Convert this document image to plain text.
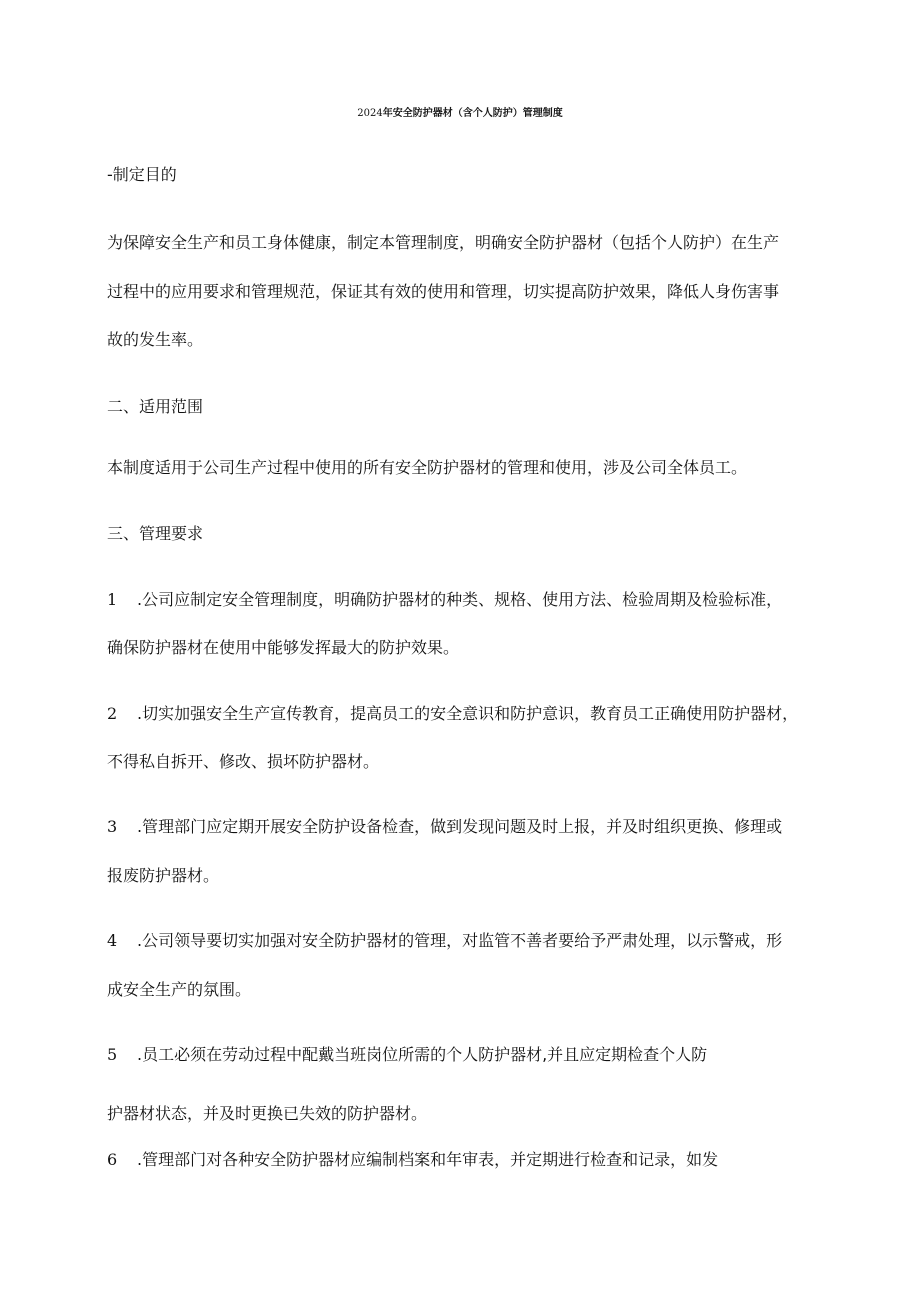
2024年安全防护器材（含个人防护）管理制度
-制定目的
为保障安全生产和员工身体健康，制定本管理制度，明确安全防护器材（包括个人防护）在生产
过程中的应用要求和管理规范，保证其有效的使用和管理，切实提高防护效果，降低人身伤害事
故的发生率。
二、适用范围
本制度适用于公司生产过程中使用的所有安全防护器材的管理和使用，涉及公司全体员工。
三、管理要求
1 .公司应制定安全管理制度，明确防护器材的种类、规格、使用方法、检验周期及检验标准，
确保防护器材在使用中能够发挥最大的防护效果。
2 .切实加强安全生产宣传教育，提高员工的安全意识和防护意识，教育员工正确使用防护器材，
不得私自拆开、修改、损坏防护器材。
3 .管理部门应定期开展安全防护设备检查，做到发现问题及时上报，并及时组织更换、修理或
报废防护器材。
4 .公司领导要切实加强对安全防护器材的管理，对监管不善者要给予严肃处理，以示警戒，形
成安全生产的氛围。
5 .员工必须在劳动过程中配戴当班岗位所需的个人防护器材,并且应定期检查个人防
护器材状态，并及时更换已失效的防护器材。
6 .管理部门对各种安全防护器材应编制档案和年审表，并定期进行检查和记录，如发
